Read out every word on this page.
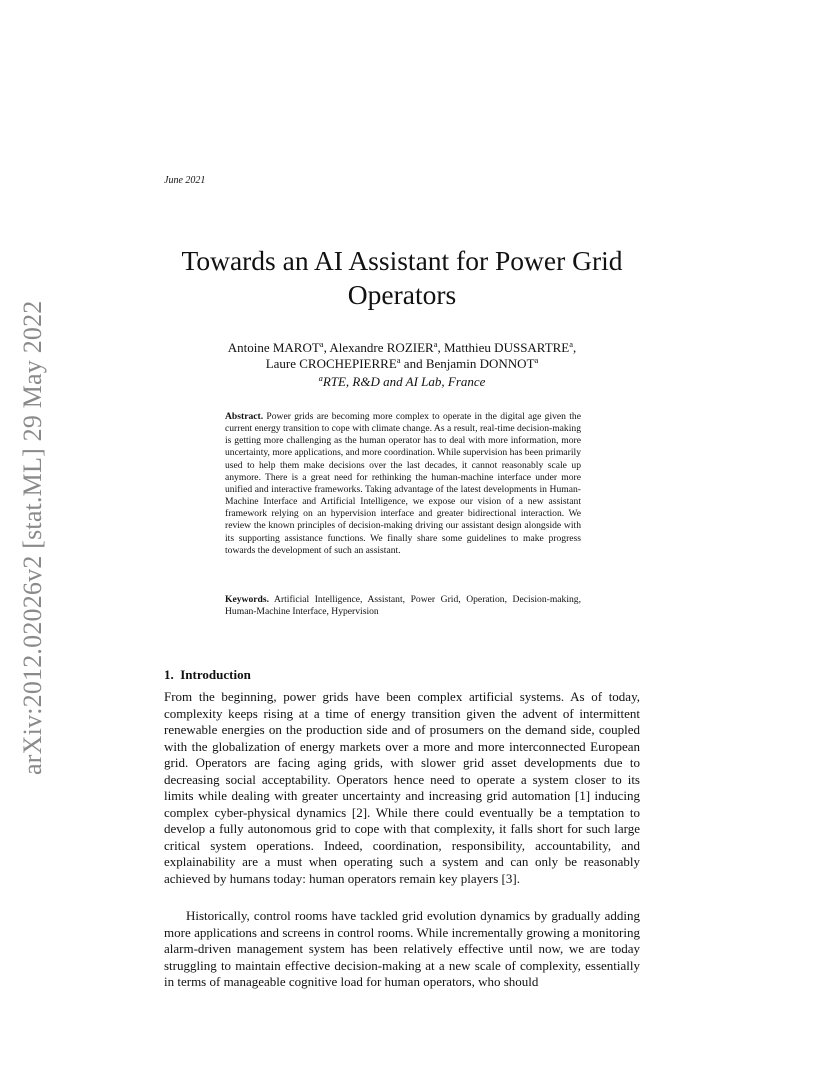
arXiv:2012.02026v2 [stat.ML] 29 May 2022
June 2021
Towards an AI Assistant for Power Grid Operators
Antoine MAROT$^a$, Alexandre ROZIER$^a$, Matthieu DUSSARTRE$^a$,
Laure CROCHEPIERRE$^a$ and Benjamin DONNOT$^a$
$^a$RTE, R&D and AI Lab, France
Abstract. Power grids are becoming more complex to operate in the digital age given the current energy transition to cope with climate change. As a result, real-time decision-making is getting more challenging as the human operator has to deal with more information, more uncertainty, more applications, and more coordination. While supervision has been primarily used to help them make decisions over the last decades, it cannot reasonably scale up anymore. There is a great need for rethinking the human-machine interface under more unified and interactive frameworks. Taking advantage of the latest developments in Human-Machine Interface and Artificial Intelligence, we expose our vision of a new assistant framework relying on an hypervision interface and greater bidirectional interaction. We review the known principles of decision-making driving our assistant design alongside with its supporting assistance functions. We finally share some guidelines to make progress towards the development of such an assistant.
Keywords. Artificial Intelligence, Assistant, Power Grid, Operation, Decision-making, Human-Machine Interface, Hypervision
1. Introduction

From the beginning, power grids have been complex artificial systems. As of today, complexity keeps rising at a time of energy transition given the advent of intermittent renewable energies on the production side and of prosumers on the demand side, coupled with the globalization of energy markets over a more and more interconnected European grid. Operators are facing aging grids, with slower grid asset developments due to decreasing social acceptability. Operators hence need to operate a system closer to its limits while dealing with greater uncertainty and increasing grid automation [1] inducing complex cyber-physical dynamics [2]. While there could eventually be a temptation to develop a fully autonomous grid to cope with that complexity, it falls short for such large critical system operations. Indeed, coordination, responsibility, accountability, and explainability are a must when operating such a system and can only be reasonably achieved by humans today: human operators remain key players [3].

Historically, control rooms have tackled grid evolution dynamics by gradually adding more applications and screens in control rooms. While incrementally growing a monitoring alarm-driven management system has been relatively effective until now, we are today struggling to maintain effective decision-making at a new scale of complexity, essentially in terms of manageable cognitive load for human operators, who should
